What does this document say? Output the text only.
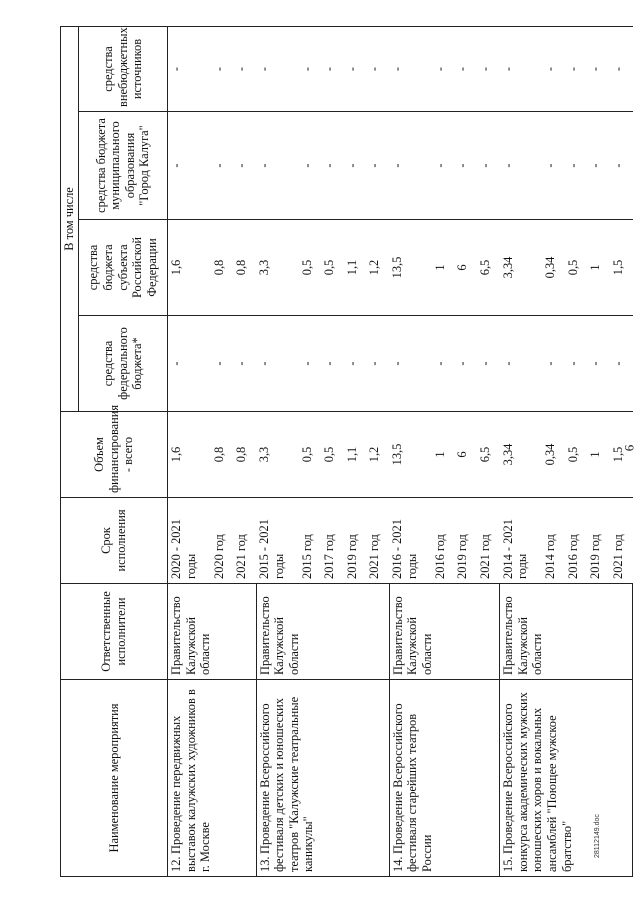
6
Наименование мероприятия	Ответственные исполнители	Срок исполнения	Объем финансирования - всего	В том числе			
				средства федерального бюджета*	средства бюджета субъекта Российской Федерации	средства бюджета муниципального образования "Город Калуга"	средства внебюджетных источников
12.Проведение передвижных выставок калужских художников в г. Москве	Правительство Калужской области	2020 - 2021 годы	1,6	-	1,6	-	-
		2020 год	0,8	-	0,8	-	-
		2021 год	0,8	-	0,8	-	-
13.Проведение Всероссийского фестиваля детских и юношеских театров "Калужские театральные каникулы"	Правительство Калужской области	2015 - 2021 годы	3,3	-	3,3	-	-
		2015 год	0,5	-	0,5	-	-
		2017 год	0,5	-	0,5	-	-
		2019 год	1,1	-	1,1	-	-
		2021 год	1,2	-	1,2	-	-
14.Проведение Всероссийского фестиваля старейших театров России	Правительство Калужской области	2016 - 2021 годы	13,5	-	13,5	-	-
		2016 год	1	-	1	-	-
		2019 год	6	-	6	-	-
		2021 год	6,5	-	6,5	-	-
15.Проведение Всероссийского конкурса академических мужских юношеских хоров и вокальных ансамблей "Поющее мужское братство"	Правительство Калужской области	2014 - 2021 годы	3,34	-	3,34	-	-
		2014 год	0,34	-	0,34	-	-
		2016 год	0,5	-	0,5	-	-
		2019 год	1	-	1	-	-
		2021 год	1,5	-	1,5	-	-
28112149.doc
